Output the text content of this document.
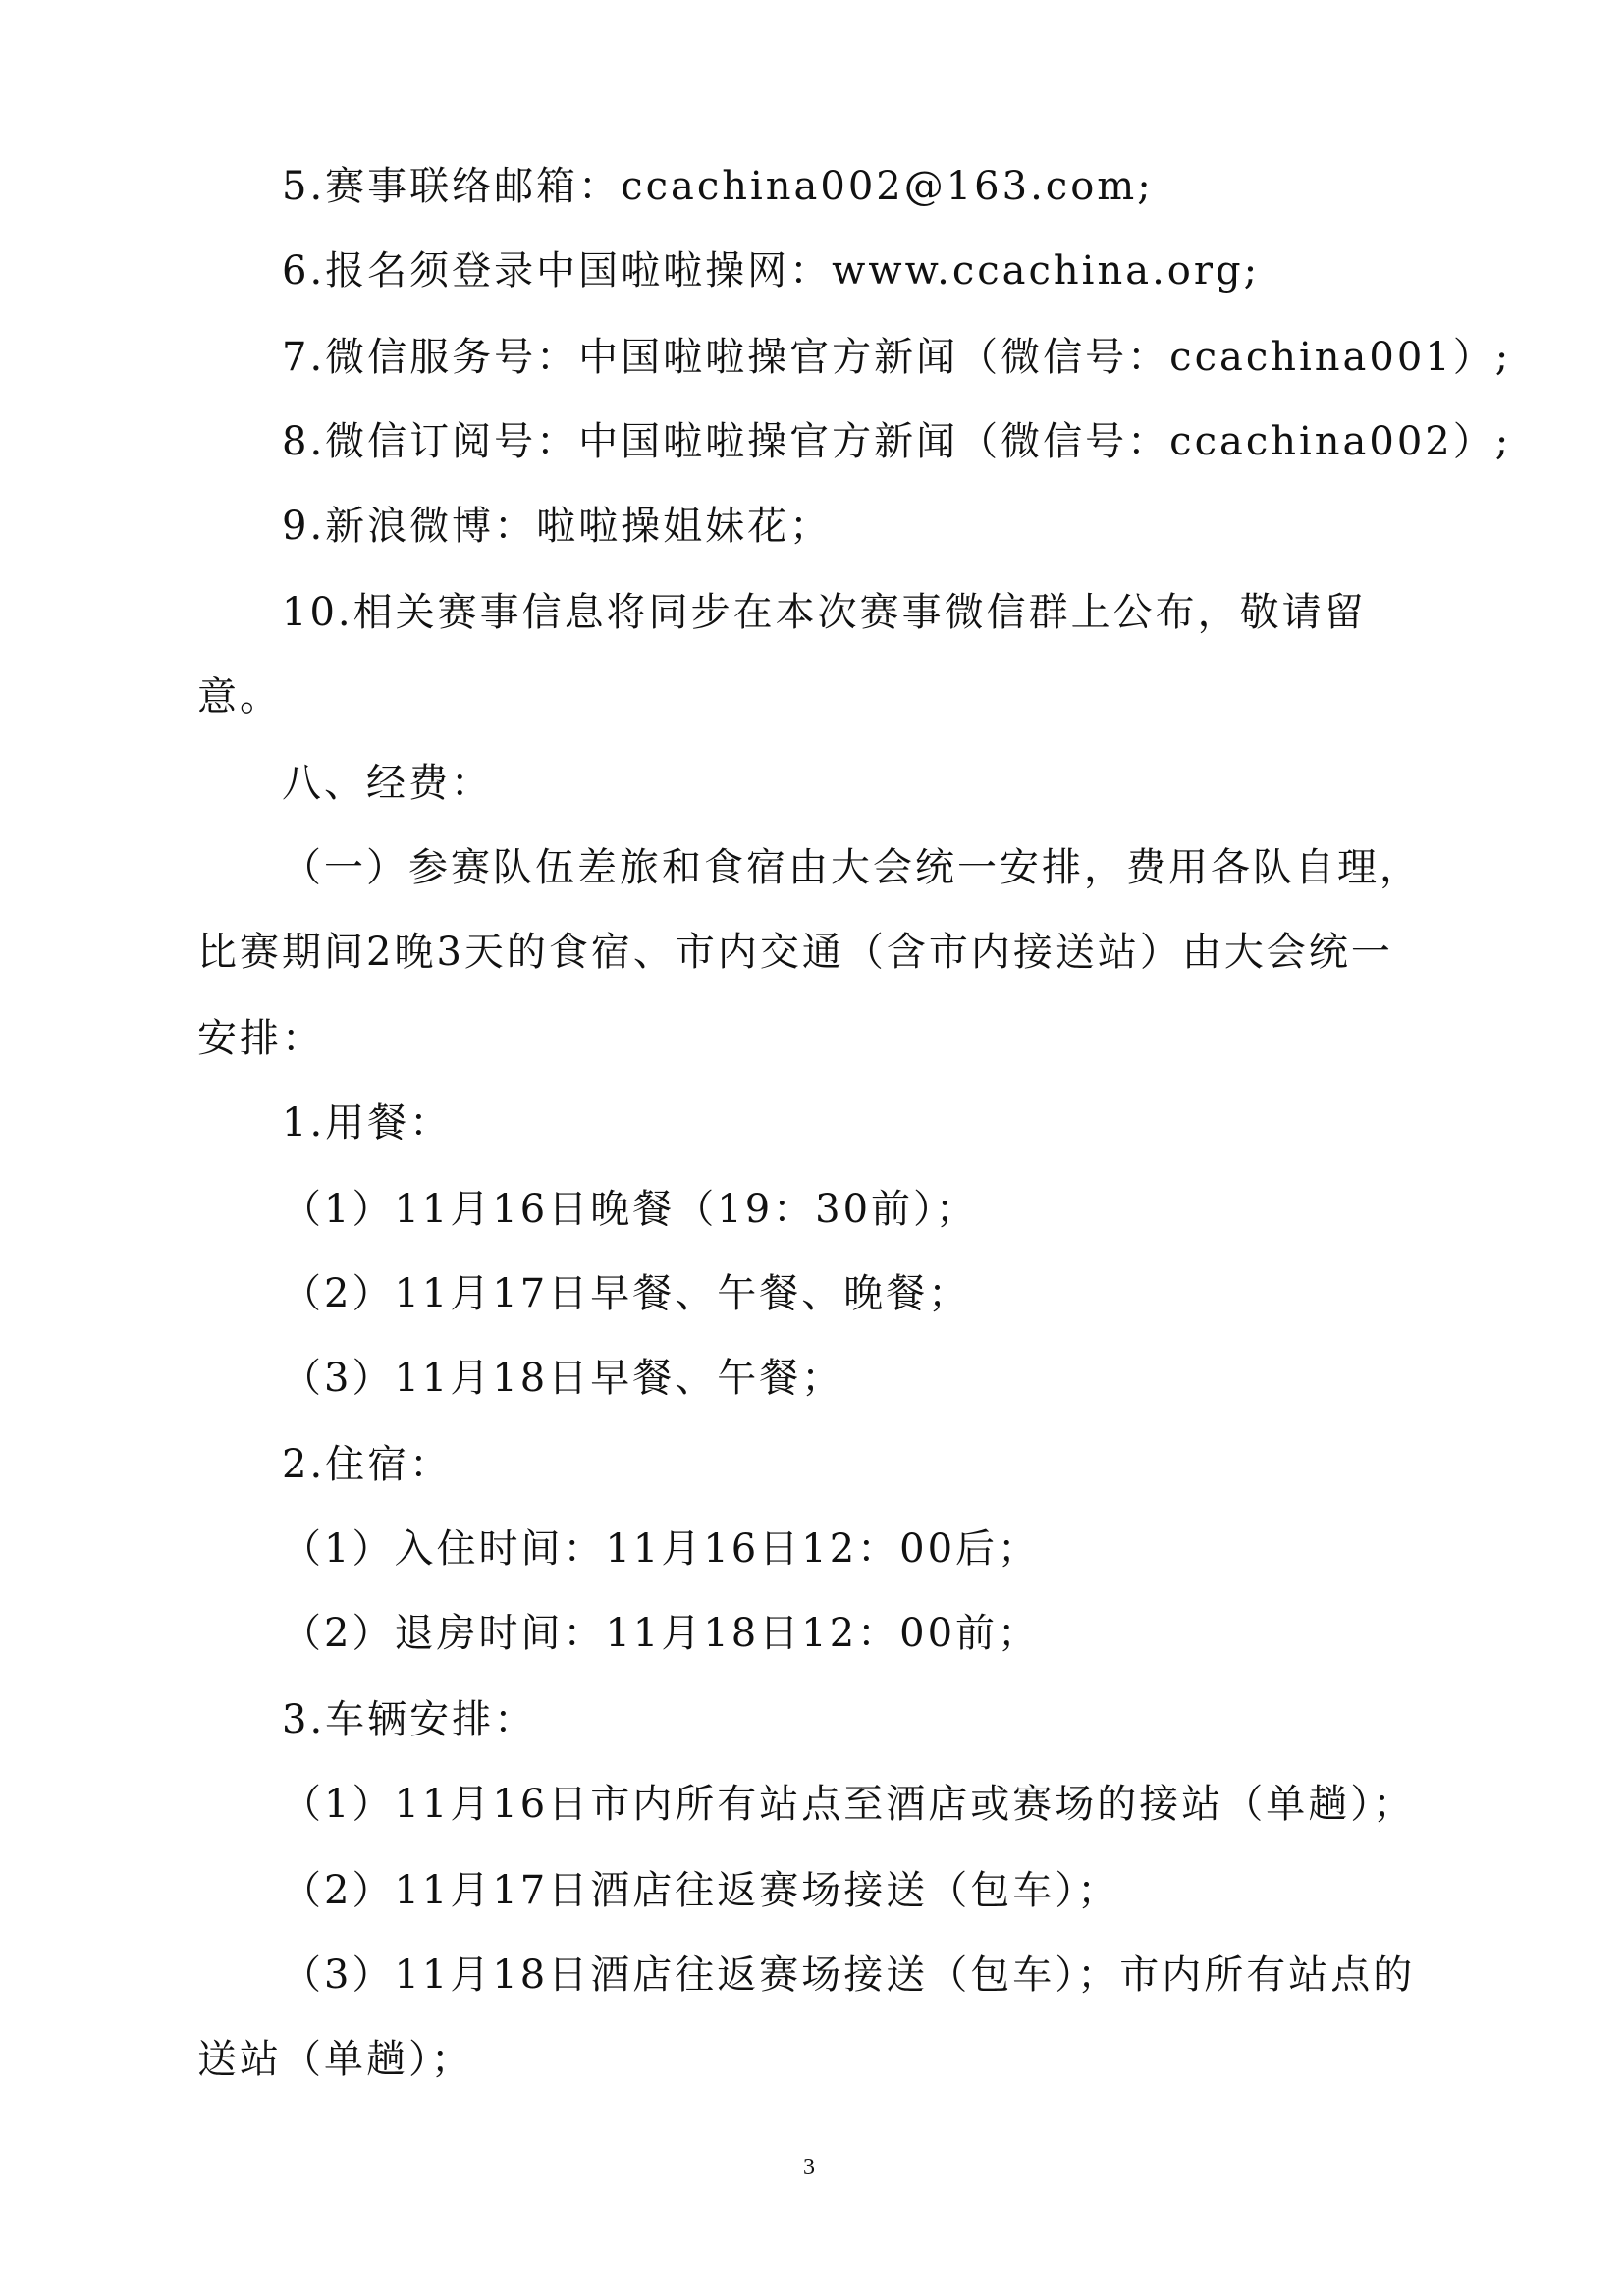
5.赛事联络邮箱：ccachina002@163.com;
6.报名须登录中国啦啦操网：www.ccachina.org;
7.微信服务号：中国啦啦操官方新闻（微信号：ccachina001）;
8.微信订阅号：中国啦啦操官方新闻（微信号：ccachina002）;
9.新浪微博：啦啦操姐妹花；
10.相关赛事信息将同步在本次赛事微信群上公布，敬请留
意。
八、经费：
（一）参赛队伍差旅和食宿由大会统一安排，费用各队自理，
比赛期间2晚3天的食宿、市内交通（含市内接送站）由大会统一
安排：
1.用餐：
（1）11月16日晚餐（19：30前）；
（2）11月17日早餐、午餐、晚餐；
（3）11月18日早餐、午餐；
2.住宿：
（1）入住时间：11月16日12：00后；
（2）退房时间：11月18日12：00前；
3.车辆安排：
（1）11月16日市内所有站点至酒店或赛场的接站（单趟）；
（2）11月17日酒店往返赛场接送（包车）；
（3）11月18日酒店往返赛场接送（包车）；市内所有站点的
送站（单趟）；
3
